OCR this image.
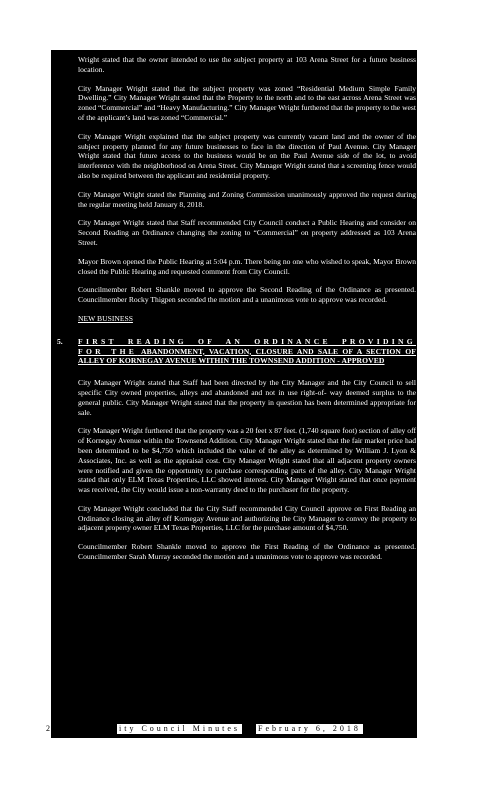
Wright stated that the owner intended to use the subject property at 103 Arena Street for a future business location.

City Manager Wright stated that the subject property was zoned “Residential Medium Simple Family Dwelling.” City Manager Wright stated that the Property to the north and to the east across Arena Street was zoned “Commercial” and “Heavy Manufacturing.” City Manager Wright furthered that the property to the west of the applicant’s land was zoned “Commercial.”

City Manager Wright explained that the subject property was currently vacant land and the owner of the subject property planned for any future businesses to face in the direction of Paul Avenue. City Manager Wright stated that future access to the business would be on the Paul Avenue side of the lot, to avoid interference with the neighborhood on Arena Street. City Manager Wright stated that a screening fence would also be required between the applicant and residential property.

City Manager Wright stated the Planning and Zoning Commission unanimously approved the request during the regular meeting held January 8, 2018.

City Manager Wright stated that Staff recommended City Council conduct a Public Hearing and consider on Second Reading an Ordinance changing the zoning to “Commercial” on property addressed as 103 Arena Street.

Mayor Brown opened the Public Hearing at 5:04 p.m. There being no one who wished to speak, Mayor Brown closed the Public Hearing and requested comment from City Council.

Councilmember Robert Shankle moved to approve the Second Reading of the Ordinance as presented. Councilmember Rocky Thigpen seconded the motion and a unanimous vote to approve was recorded.

NEW BUSINESS
5. FIRST READING OF AN ORDINANCE PROVIDING FOR THE ABANDONMENT, VACATION, CLOSURE AND SALE OF A SECTION OF ALLEY OF KORNEGAY AVENUE WITHIN THE TOWNSEND ADDITION - APPROVED

City Manager Wright stated that Staff had been directed by the City Manager and the City Council to sell specific City owned properties, alleys and abandoned and not in use right-of- way deemed surplus to the general public. City Manager Wright stated that the property in question has been determined appropriate for sale.

City Manager Wright furthered that the property was a 20 feet x 87 feet. (1,740 square foot) section of alley off of Kornegay Avenue within the Townsend Addition. City Manager Wright stated that the fair market price had been determined to be $4,750 which included the value of the alley as determined by William J. Lyon & Associates, Inc. as well as the appraisal cost. City Manager Wright stated that all adjacent property owners were notified and given the opportunity to purchase corresponding parts of the alley. City Manager Wright stated that only ELM Texas Properties, LLC showed interest. City Manager Wright stated that once payment was received, the City would issue a non-warranty deed to the purchaser for the property.

City Manager Wright concluded that the City Staff recommended City Council approve on First Reading an Ordinance closing an alley off Kornegay Avenue and authorizing the City Manager to convey the property to adjacent property owner ELM Texas Properties, LLC for the purchase amount of $4,750.

Councilmember Robert Shankle moved to approve the First Reading of the Ordinance as presented. Councilmember Sarah Murray seconded the motion and a unanimous vote to approve was recorded.

2	ity Council Minutes February 6, 2018
